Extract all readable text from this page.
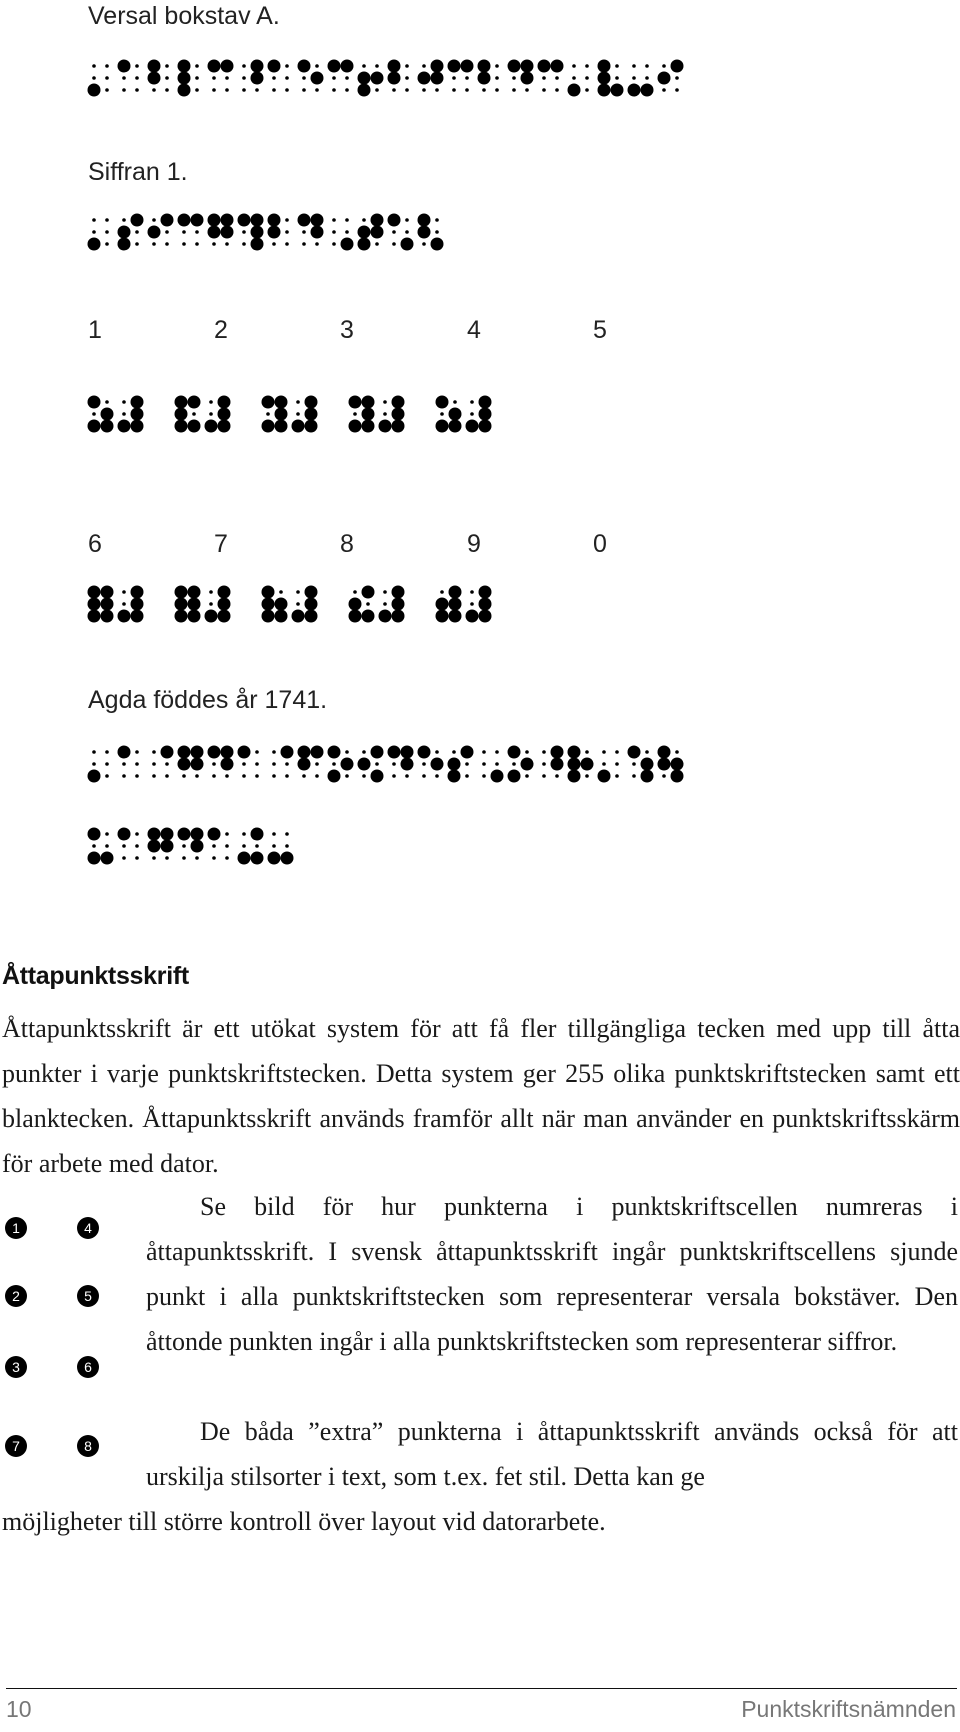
Versal bokstav A.
Siffran 1.
1	2	3	4	5
6	7	8	9	0
Agda föddes år 1741.
Åttapunktsskrift

Åttapunktsskrift är ett utökat system för att få fler tillgängliga tecken med upp till åtta punkter i varje punktskriftstecken. Detta system ger 255 olika punktskriftstecken samt ett blanktecken. Åttapunktsskrift används framför allt när man använder en punktskriftsskärm för arbete med dator.

1	4
2	5
3	6
7	8

Se bild för hur punkterna i punktskriftscellen numreras i åttapunktsskrift. I svensk åttapunktsskrift ingår punktskriftscellens sjunde punkt i alla punktskriftstecken som representerar versala bokstäver. Den åttonde punkten ingår i alla punktskriftstecken som representerar siffror.

De båda ”extra” punkterna i åttapunktsskrift används också för att urskilja stilsorter i text, som t.ex. fet stil. Detta kan ge

möjligheter till större kontroll över layout vid datorarbete.

10	Punktskriftsnämnden
